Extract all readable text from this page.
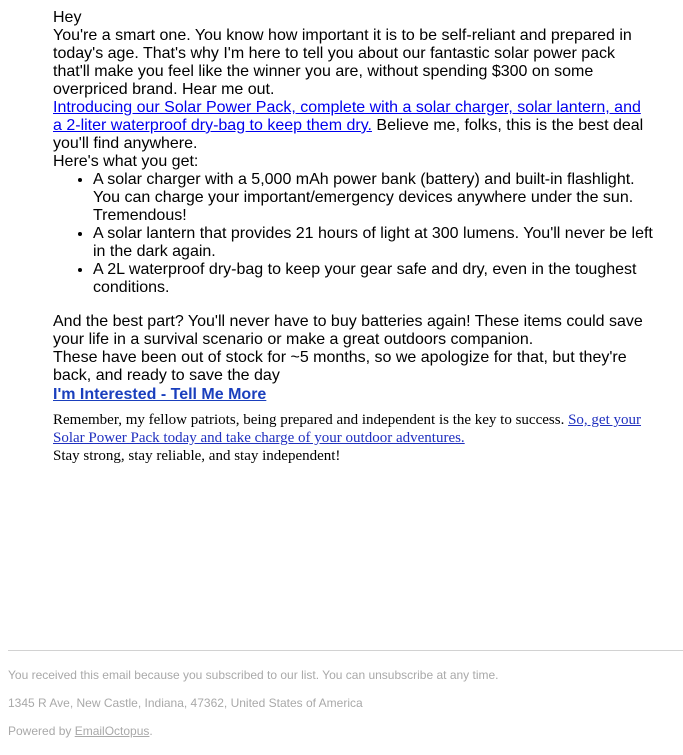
Hey

You're a smart one. You know how important it is to be self-reliant and prepared in today's age. That's why I'm here to tell you about our fantastic solar power pack that'll make you feel like the winner you are, without spending $300 on some overpriced brand. Hear me out.

Introducing our Solar Power Pack, complete with a solar charger, solar lantern, and a 2-liter waterproof dry-bag to keep them dry. Believe me, folks, this is the best deal you'll find anywhere.

Here's what you get:

• A solar charger with a 5,000 mAh power bank (battery) and built-in flashlight. You can charge your important/emergency devices anywhere under the sun. Tremendous!
• A solar lantern that provides 21 hours of light at 300 lumens. You'll never be left in the dark again.
• A 2L waterproof dry-bag to keep your gear safe and dry, even in the toughest conditions.

And the best part? You'll never have to buy batteries again! These items could save your life in a survival scenario or make a great outdoors companion.

These have been out of stock for ~5 months, so we apologize for that, but they're back, and ready to save the day

I'm Interested - Tell Me More

Remember, my fellow patriots, being prepared and independent is the key to success. So, get your Solar Power Pack today and take charge of your outdoor adventures.

Stay strong, stay reliable, and stay independent!

You received this email because you subscribed to our list. You can unsubscribe at any time.

1345 R Ave, New Castle, Indiana, 47362, United States of America

Powered by EmailOctopus.
